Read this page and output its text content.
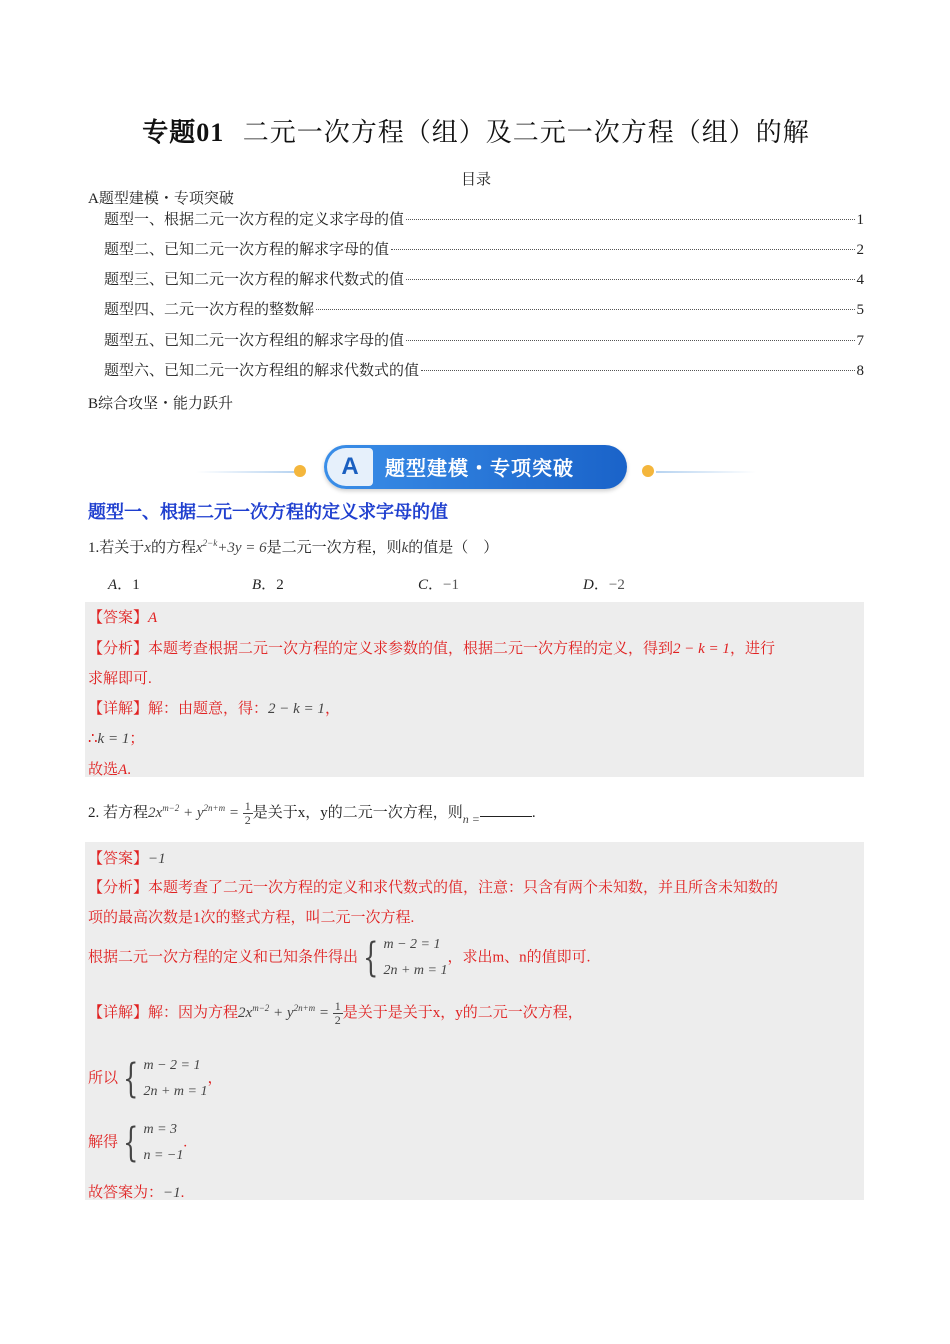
专题01 二元一次方程（组）及二元一次方程（组）的解
目录
A题型建模・专项突破
题型一、根据二元一次方程的定义求字母的值	1
题型二、已知二元一次方程的解求字母的值	2
题型三、已知二元一次方程的解求代数式的值	4
题型四、二元一次方程的整数解	5
题型五、已知二元一次方程组的解求字母的值	7
题型六、已知二元一次方程组的解求代数式的值	8
B综合攻坚・能力跃升
A	题型建模・专项突破
题型一、根据二元一次方程的定义求字母的值
1.若关于x的方程$x^{2-k}+3y = 6$是二元一次方程，则k的值是（　）
A．1	B．2	C．−1	D．−2
【答案】A
【分析】本题考查根据二元一次方程的定义求参数的值，根据二元一次方程的定义，得到2 − k = 1，进行
求解即可.
【详解】解：由题意，得：2 − k = 1，
∴k = 1；
故选A.
2. 若方程$2x^{m-2} + y^{2n+m} = \frac{1}{2}$ 是关于x，y的二元一次方程，则$_{n =}$	.
【答案】−1
【分析】本题考查了二元一次方程的定义和求代数式的值，注意：只含有两个未知数，并且所含未知数的
项的最高次数是1次的整式方程，叫二元一次方程.
根据二元一次方程的定义和已知条件得出 { m − 2 = 1
2n + m = 1
，求出m、n的值即可.
【详解】解：因为方程$2x^{m-2} + y^{2n+m} = \frac{1}{2}$ 是关于是关于x，y的二元一次方程，
所以 { m − 2 = 1
2n + m = 1
，
解得 { m = 3
n = −1
.
故答案为：−1.
